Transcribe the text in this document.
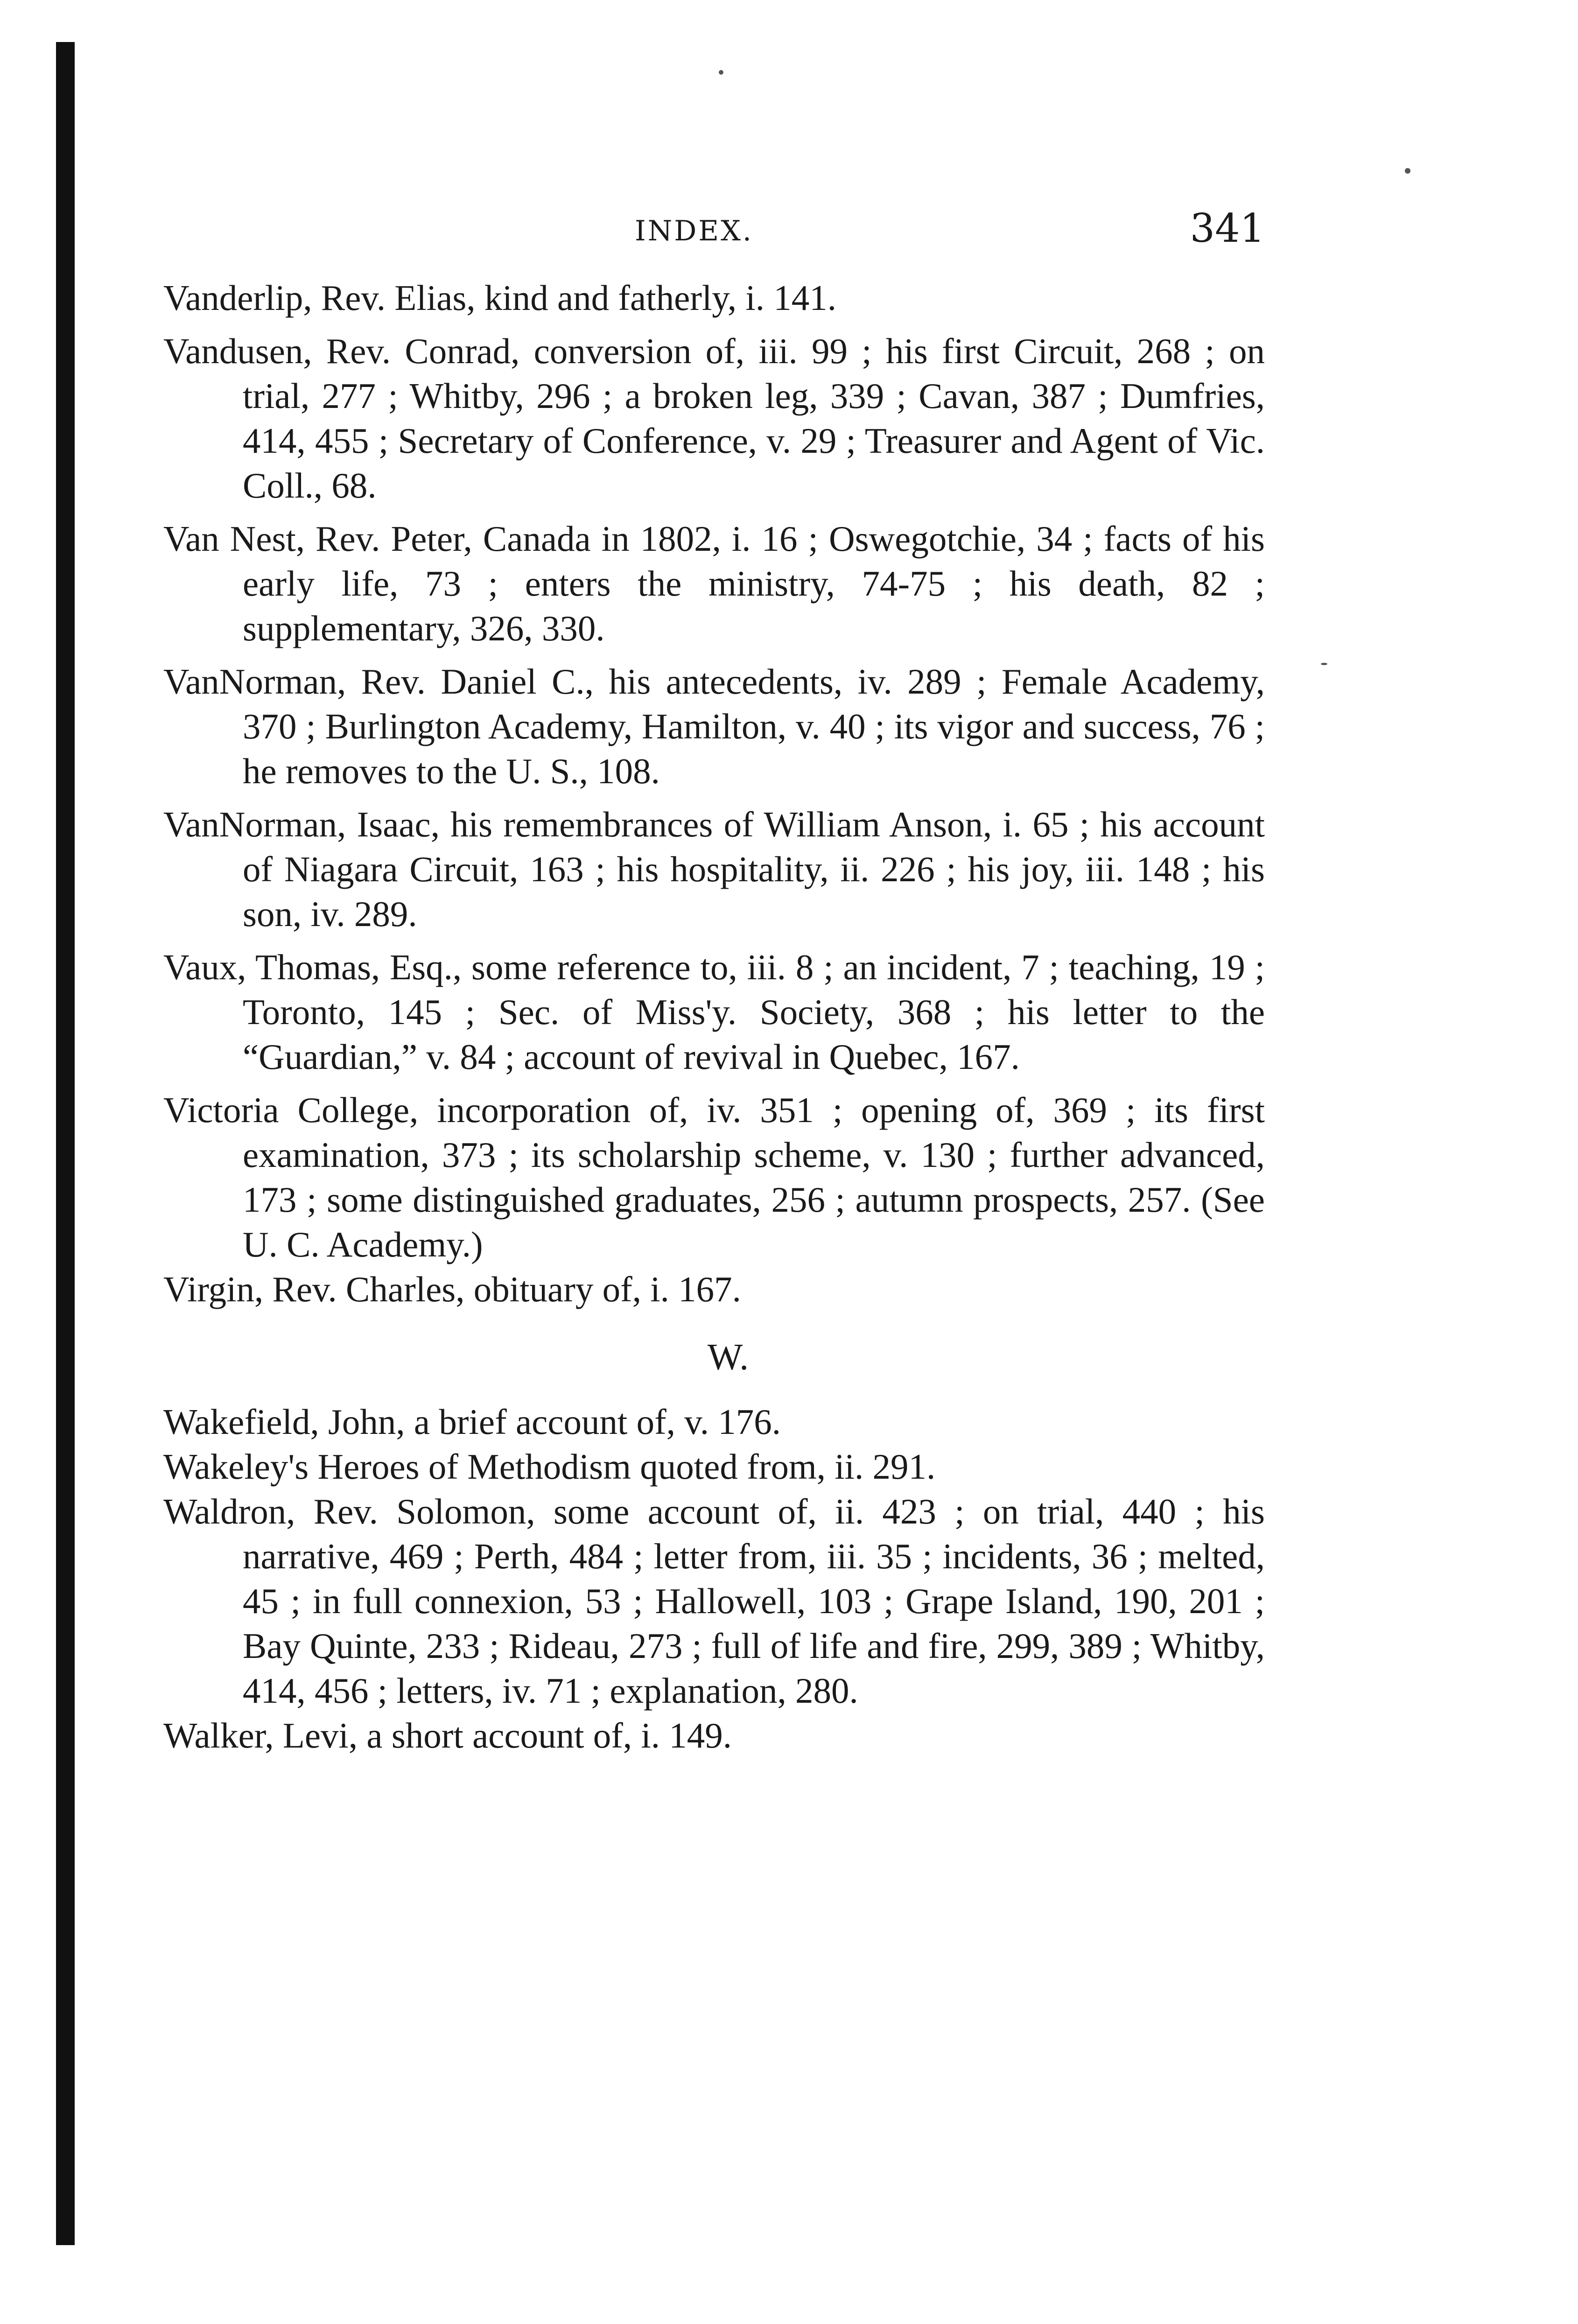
INDEX.	341

Vanderlip, Rev. Elias, kind and fatherly, i. 141.

Vandusen, Rev. Conrad, conversion of, iii. 99 ; his first Circuit, 268 ; on trial, 277 ; Whitby, 296 ; a broken leg, 339 ; Cavan, 387 ; Dumfries, 414, 455 ; Secretary of Conference, v. 29 ; Treasurer and Agent of Vic. Coll., 68.

Van Nest, Rev. Peter, Canada in 1802, i. 16 ; Oswegotchie, 34 ; facts of his early life, 73 ; enters the ministry, 74-75 ; his death, 82 ; supplementary, 326, 330.

VanNorman, Rev. Daniel C., his antecedents, iv. 289 ; Female Academy, 370 ; Burlington Academy, Hamilton, v. 40 ; its vigor and success, 76 ; he removes to the U. S., 108.

VanNorman, Isaac, his remembrances of William Anson, i. 65 ; his account of Niagara Circuit, 163 ; his hospitality, ii. 226 ; his joy, iii. 148 ; his son, iv. 289.

Vaux, Thomas, Esq., some reference to, iii. 8 ; an incident, 7 ; teaching, 19 ; Toronto, 145 ; Sec. of Miss'y. Society, 368 ; his letter to the “Guardian,” v. 84 ; account of revival in Quebec, 167.

Victoria College, incorporation of, iv. 351 ; opening of, 369 ; its first examination, 373 ; its scholarship scheme, v. 130 ; further advanced, 173 ; some distinguished graduates, 256 ; autumn prospects, 257. (See U. C. Academy.)

Virgin, Rev. Charles, obituary of, i. 167.

W.

Wakefield, John, a brief account of, v. 176.

Wakeley's Heroes of Methodism quoted from, ii. 291.

Waldron, Rev. Solomon, some account of, ii. 423 ; on trial, 440 ; his narrative, 469 ; Perth, 484 ; letter from, iii. 35 ; incidents, 36 ; melted, 45 ; in full connexion, 53 ; Hallowell, 103 ; Grape Island, 190, 201 ; Bay Quinte, 233 ; Rideau, 273 ; full of life and fire, 299, 389 ; Whitby, 414, 456 ; letters, iv. 71 ; explanation, 280.

Walker, Levi, a short account of, i. 149.
